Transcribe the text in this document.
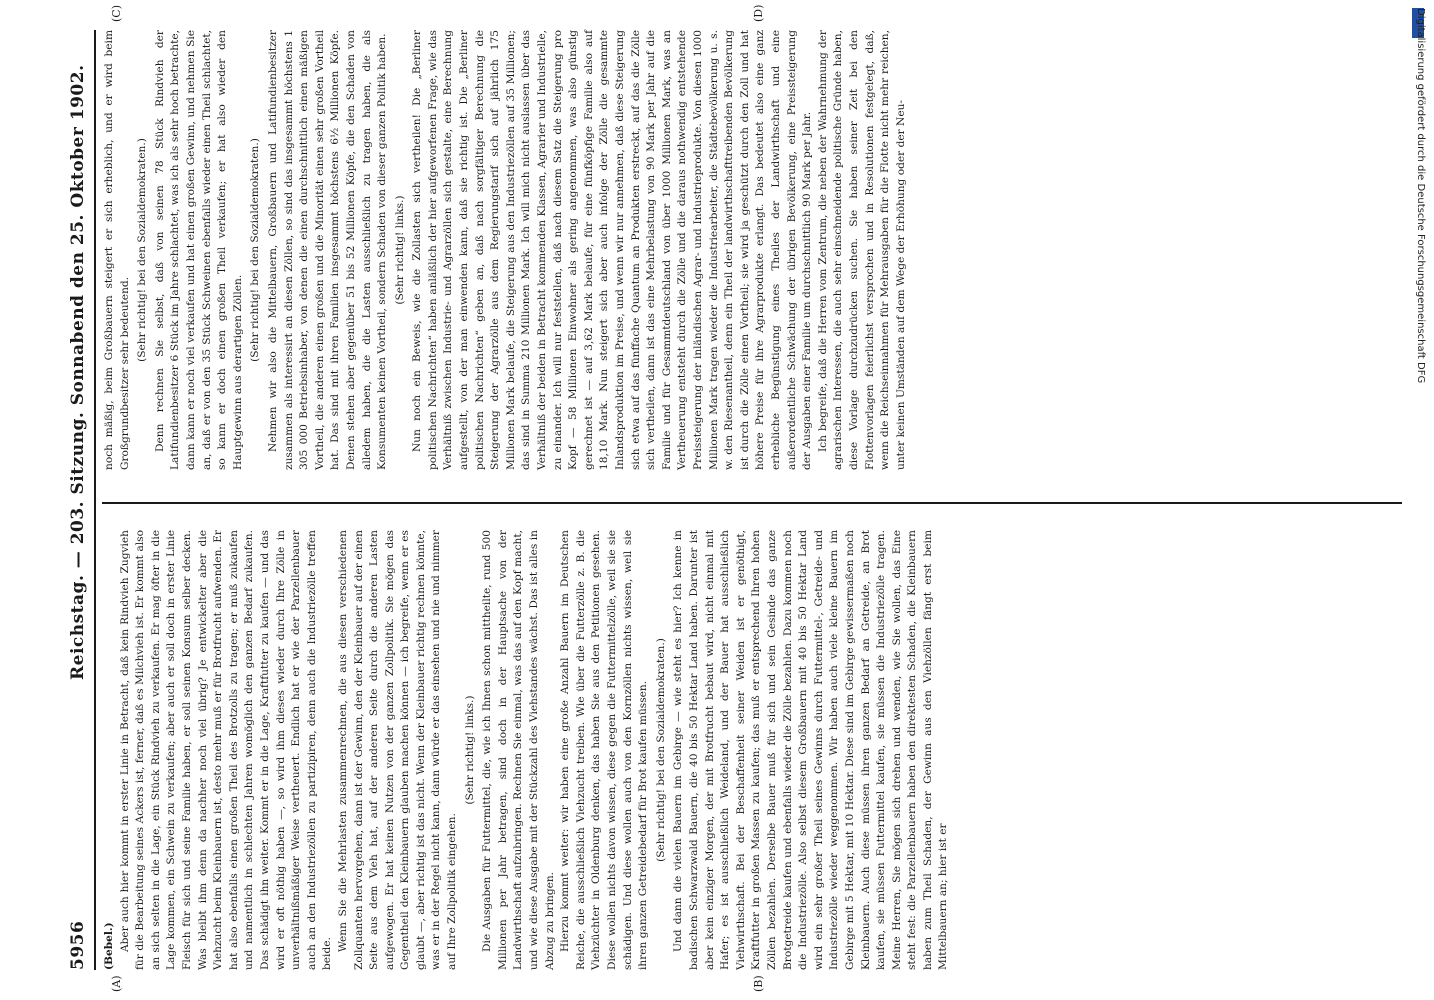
5956
Reichstag. — 203. Sitzung. Sonnabend den 25. Oktober 1902.
(A)	(B)
(C)	(D)

(Bebel.) Aber auch hier kommt in erster Linie in Betracht, daß kein Rindvieh Zugvieh für die Bearbeitung seines Ackers ist, ferner, daß es Milchvieh ist. Er kommt also an sich selten in die Lage, ein Stück Rindvieh zu verkaufen. Er mag öfter in die Lage kommen, ein Schwein zu verkaufen; aber auch er soll doch in erster Linie Fleisch für sich und seine Familie haben, er soll seinen Konsum selber decken. Was bleibt ihm denn da nachher noch viel übrig? Je entwickelter aber die Viehzucht beim Kleinbauern ist, desto mehr muß er für Brotfrucht aufwenden. Er hat also ebenfalls einen großen Theil des Brotzolls zu tragen; er muß zukaufen und namentlich in schlechten Jahren womöglich den ganzen Bedarf zukaufen. Das schädigt ihn weiter. Kommt er in die Lage, Kraftfutter zu kaufen — und das wird er oft nöthig haben —, so wird ihm dieses wieder durch Ihre Zölle in unverhältnißmäßiger Weise vertheuert. Endlich hat er wie der Parzellenbauer auch an den Industriezöllen zu partizipiren, denn auch die Industriezölle treffen beide.

Wenn Sie die Mehrlasten zusammenrechnen, die aus diesen verschiedenen Zollquanten hervorgehen, dann ist der Gewinn, den der Kleinbauer auf der einen Seite aus dem Vieh hat, auf der anderen Seite durch die anderen Lasten aufgewogen. Er hat keinen Nutzen von der ganzen Zollpolitik. Sie mögen das Gegentheil den Kleinbauern glauben machen können — ich begreife, wenn er es glaubt —, aber richtig ist das nicht. Wenn der Kleinbauer richtig rechnen könnte, was er in der Regel nicht kann, dann würde er das einsehen und nie und nimmer auf Ihre Zollpolitik eingehen.

(Sehr richtig! links.) Die Ausgaben für Futtermittel, die, wie ich Ihnen schon mittheilte, rund 500 Millionen per Jahr betragen, sind doch in der Hauptsache von der Landwirthschaft aufzubringen. Rechnen Sie einmal, was das auf den Kopf macht, und wie diese Ausgabe mit der Stückzahl des Viehstandes wächst. Das ist alles in Abzug zu bringen. Hierzu kommt weiter: wir haben eine große Anzahl Bauern im Deutschen Reiche, die ausschließlich Viehzucht treiben. Wie über die Futterzölle z. B. die Viehzüchter in Oldenburg denken, das haben Sie aus den Petitionen gesehen. Diese wollen nichts davon wissen, diese gegen die Futtermittelzölle, weil sie sie schädigen. Und diese wollen auch von den Kornzöllen nichts wissen, weil sie ihren ganzen Getreidebedarf für Brot kaufen müssen. (Sehr richtig! bei den Sozialdemokraten.) Und dann die vielen Bauern im Gebirge — wie steht es hier? Ich kenne in badischen Schwarzwald Bauern, die 40 bis 50 Hektar Land haben. Darunter ist aber kein einziger Morgen, der mit Brotfrucht bebaut wird, nicht einmal mit Hafer; es ist ausschließlich Weideland, und der Bauer hat ausschließlich Viehwirthschaft. Bei der Beschaffenheit seiner Weiden ist er genöthigt, Kraftfutter in großen Massen zu kaufen; das muß er entsprechend Ihren hohen Zöllen bezahlen. Derselbe Bauer muß für sich und sein Gesinde das ganze Brotgetreide kaufen und ebenfalls wieder die Zölle bezahlen. Dazu kommen noch die Industriezölle. Also selbst diesem Großbauern mit 40 bis 50 Hektar Land wird ein sehr großer Theil seines Gewinns durch Futtermittel-, Getreide- und Industriezölle wieder weggenommen. Wir haben auch viele kleine Bauern im Gebirge mit 5 Hektar, mit 10 Hektar. Diese sind im Gebirge gewissermaßen noch Kleinbauern. Auch diese müssen ihren ganzen Bedarf an Getreide, an Brot kaufen, sie müssen Futtermittel kaufen, sie müssen die Industriezölle tragen. Meine Herren, Sie mögen sich drehen und wenden, wie Sie wollen, das Eine steht fest: die Parzellenbauern haben den direktesten Schaden, die Kleinbauern haben zum Theil Schaden, der Gewinn aus den Viehzöllen fängt erst beim Mittelbauern an; hier ist er

noch mäßig, beim Großbauern steigert er sich erheblich, und er wird beim Großgrundbesitzer sehr bedeutend.

(Sehr richtig! bei den Sozialdemokraten.) Denn rechnen Sie selbst, daß von seinen 78 Stück Rindvieh der Latifundienbesitzer 6 Stück im Jahre schlachtet, was ich als sehr hoch betrachte, dann kann er noch viel verkaufen und hat einen großen Gewinn, und nehmen Sie an, daß er von den 35 Stück Schweinen ebenfalls wieder einen Theil schlachtet, so kann er doch einen großen Theil verkaufen; er hat also wieder den Hauptgewinn aus derartigen Zöllen.

(Sehr richtig! bei den Sozialdemokraten.) Nehmen wir also die Mittelbauern, Großbauern und Latifundienbesitzer zusammen als interessirt an diesen Zöllen, so sind das insgesammt höchstens 1 305 000 Betriebsinhaber, von denen die einen durchschnittlich einen mäßigen Vortheil, die anderen einen großen und die Minorität einen sehr großen Vortheil hat. Das sind mit ihren Familien insgesammt höchstens 6½ Millionen Köpfe. Denen stehen aber gegenüber 51 bis 52 Millionen Köpfe, die den Schaden von alledem haben, die die Lasten ausschließlich zu tragen haben, die als Konsumenten keinen Vortheil, sondern Schaden von dieser ganzen Politik haben. (Sehr richtig! links.) Nun noch ein Beweis, wie die Zollasten sich vertheilen! Die „Berliner politischen Nachrichten“ haben anläßlich der hier aufgeworfenen Frage, wie das Verhältniß zwischen Industrie- und Agrarzöllen sich gestalte, eine Berechnung aufgestellt, von der man einwenden kann, daß sie richtig ist. Die „Berliner politischen Nachrichten“ geben an, daß nach sorgfältiger Berechnung die Steigerung der Agrarzölle aus dem Regierungstarif sich auf jährlich 175 Millionen Mark belaufe, die Steigerung aus den Industriezöllen auf 35 Millionen; das sind in Summa 210 Millionen Mark. Ich will mich nicht auslassen über das Verhältniß der beiden in Betracht kommenden Klassen, Agrarier und Industrielle, zu einander. Ich will nur feststellen, daß nach diesem Satz die Steigerung pro Kopf — 58 Millionen Einwohner als gering angenommen, was also günstig gerechnet ist — auf 3,62 Mark belaufe, für eine fünfköpfige Familie also auf 18,10 Mark. Nun steigert sich aber auch infolge der Zölle die gesammte Inlandsproduktion im Preise, und wenn wir nur annehmen, daß diese Steigerung sich etwa auf das fünffache Quantum an Produkten erstreckt, auf das die Zölle sich vertheilen, dann ist das eine Mehrbelastung von 90 Mark per Jahr auf die Familie und für Gesammtdeutschland von über 1000 Millionen Mark, was an Vertheuerung entsteht durch die Zölle und die daraus nothwendig entstehende Preissteigerung der inländischen Agrar- und Industrieprodukte. Von diesen 1000 Millionen Mark tragen wieder die Industriearbeiter, die Städtebevölkerung u. s. w. den Riesenantheil, denn ein Theil der landwirthschafttreibenden Bevölkerung ist durch die Zölle einen Vortheil; sie wird ja geschützt durch den Zoll und hat höhere Preise für ihre Agrarprodukte erlangt. Das bedeutet also eine ganz erhebliche Begünstigung eines Theiles der Landwirthschaft und eine außerordentliche Schwächung der übrigen Bevölkerung, eine Preissteigerung der Ausgaben einer Familie um durchschnittlich 90 Mark per Jahr. Ich begreife, daß die Herren vom Zentrum, die neben der Wahrnehmung der agrarischen Interessen, die auch sehr einschneidende politische Gründe haben, diese Vorlage durchzudrücken suchen. Sie haben seiner Zeit bei den Flottenvorlagen feierlichst versprochen und in Resolutionen festgelegt, daß, wenn die Reichseinnahmen für Mehrausgaben für die Flotte nicht mehr reichen, unter keinen Umständen auf dem Wege der Erhöhung oder der Neu-	Digitalisierung gefördert durch die Deutsche Forschungsgemeinschaft DFG
